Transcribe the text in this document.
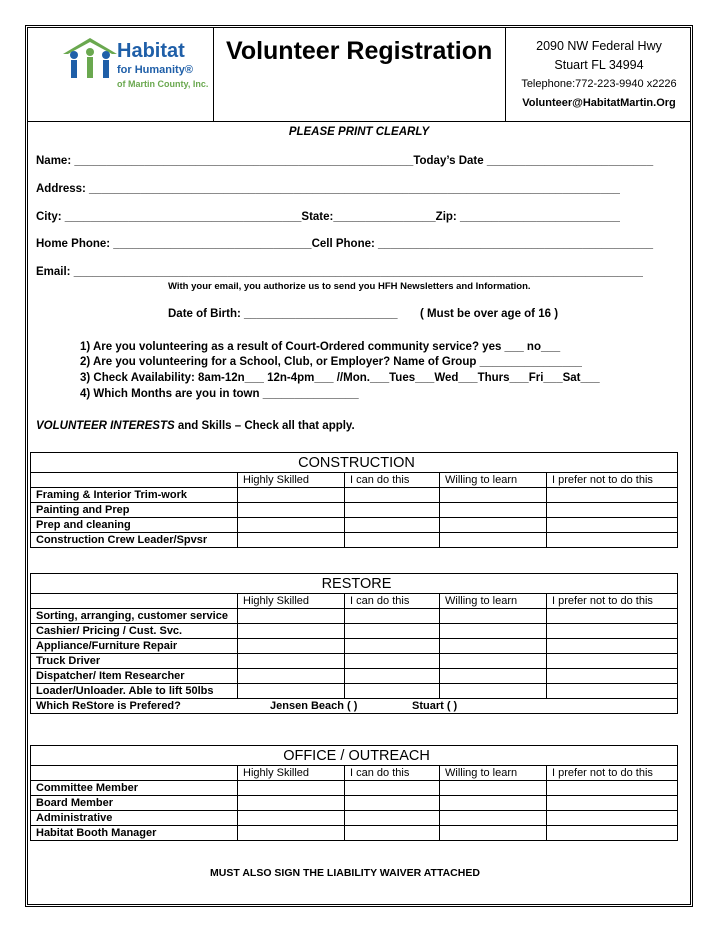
Habitat
for Humanity®
of Martin County, Inc.
Volunteer Registration	2090 NW Federal Hwy
Stuart FL 34994
Telephone:772-223-9940 x2226
Volunteer@HabitatMartin.Org
PLEASE PRINT CLEARLY
Name: _____________________________________________________Today’s Date __________________________
Address: ___________________________________________________________________________________
City: _____________________________________State:________________Zip: _________________________
Home Phone: _______________________________Cell Phone: ___________________________________________
Email: _________________________________________________________________________________________
With your email, you authorize us to send you HFH Newsletters and Information.
Date of Birth: ________________________ ( Must be over age of 16 )
1) Are you volunteering as a result of Court-Ordered community service? yes ___ no___
2) Are you volunteering for a School, Club, or Employer? Name of Group ________________
3) Check Availability: 8am-12n___ 12n-4pm___ //Mon.___Tues___Wed___Thurs___Fri___Sat___
4) Which Months are you in town _______________
VOLUNTEER INTERESTS and Skills – Check all that apply.
CONSTRUCTION				
	Highly Skilled	I can do this	Willing to learn	I prefer not to do this
Framing & Interior Trim-work				
Painting and Prep				
Prep and cleaning				
Construction Crew Leader/Spvsr				
RESTORE				
	Highly Skilled	I can do this	Willing to learn	I prefer not to do this
Sorting, arranging, customer service				
Cashier/ Pricing / Cust. Svc.				
Appliance/Furniture Repair				
Truck Driver				
Dispatcher/ Item Researcher				
Loader/Unloader. Able to lift 50lbs				
Which ReStore is Prefered? Jensen Beach ( ) Stuart ( )				
OFFICE / OUTREACH				
	Highly Skilled	I can do this	Willing to learn	I prefer not to do this
Committee Member				
Board Member				
Administrative				
Habitat Booth Manager				
MUST ALSO SIGN THE LIABILITY WAIVER ATTACHED
